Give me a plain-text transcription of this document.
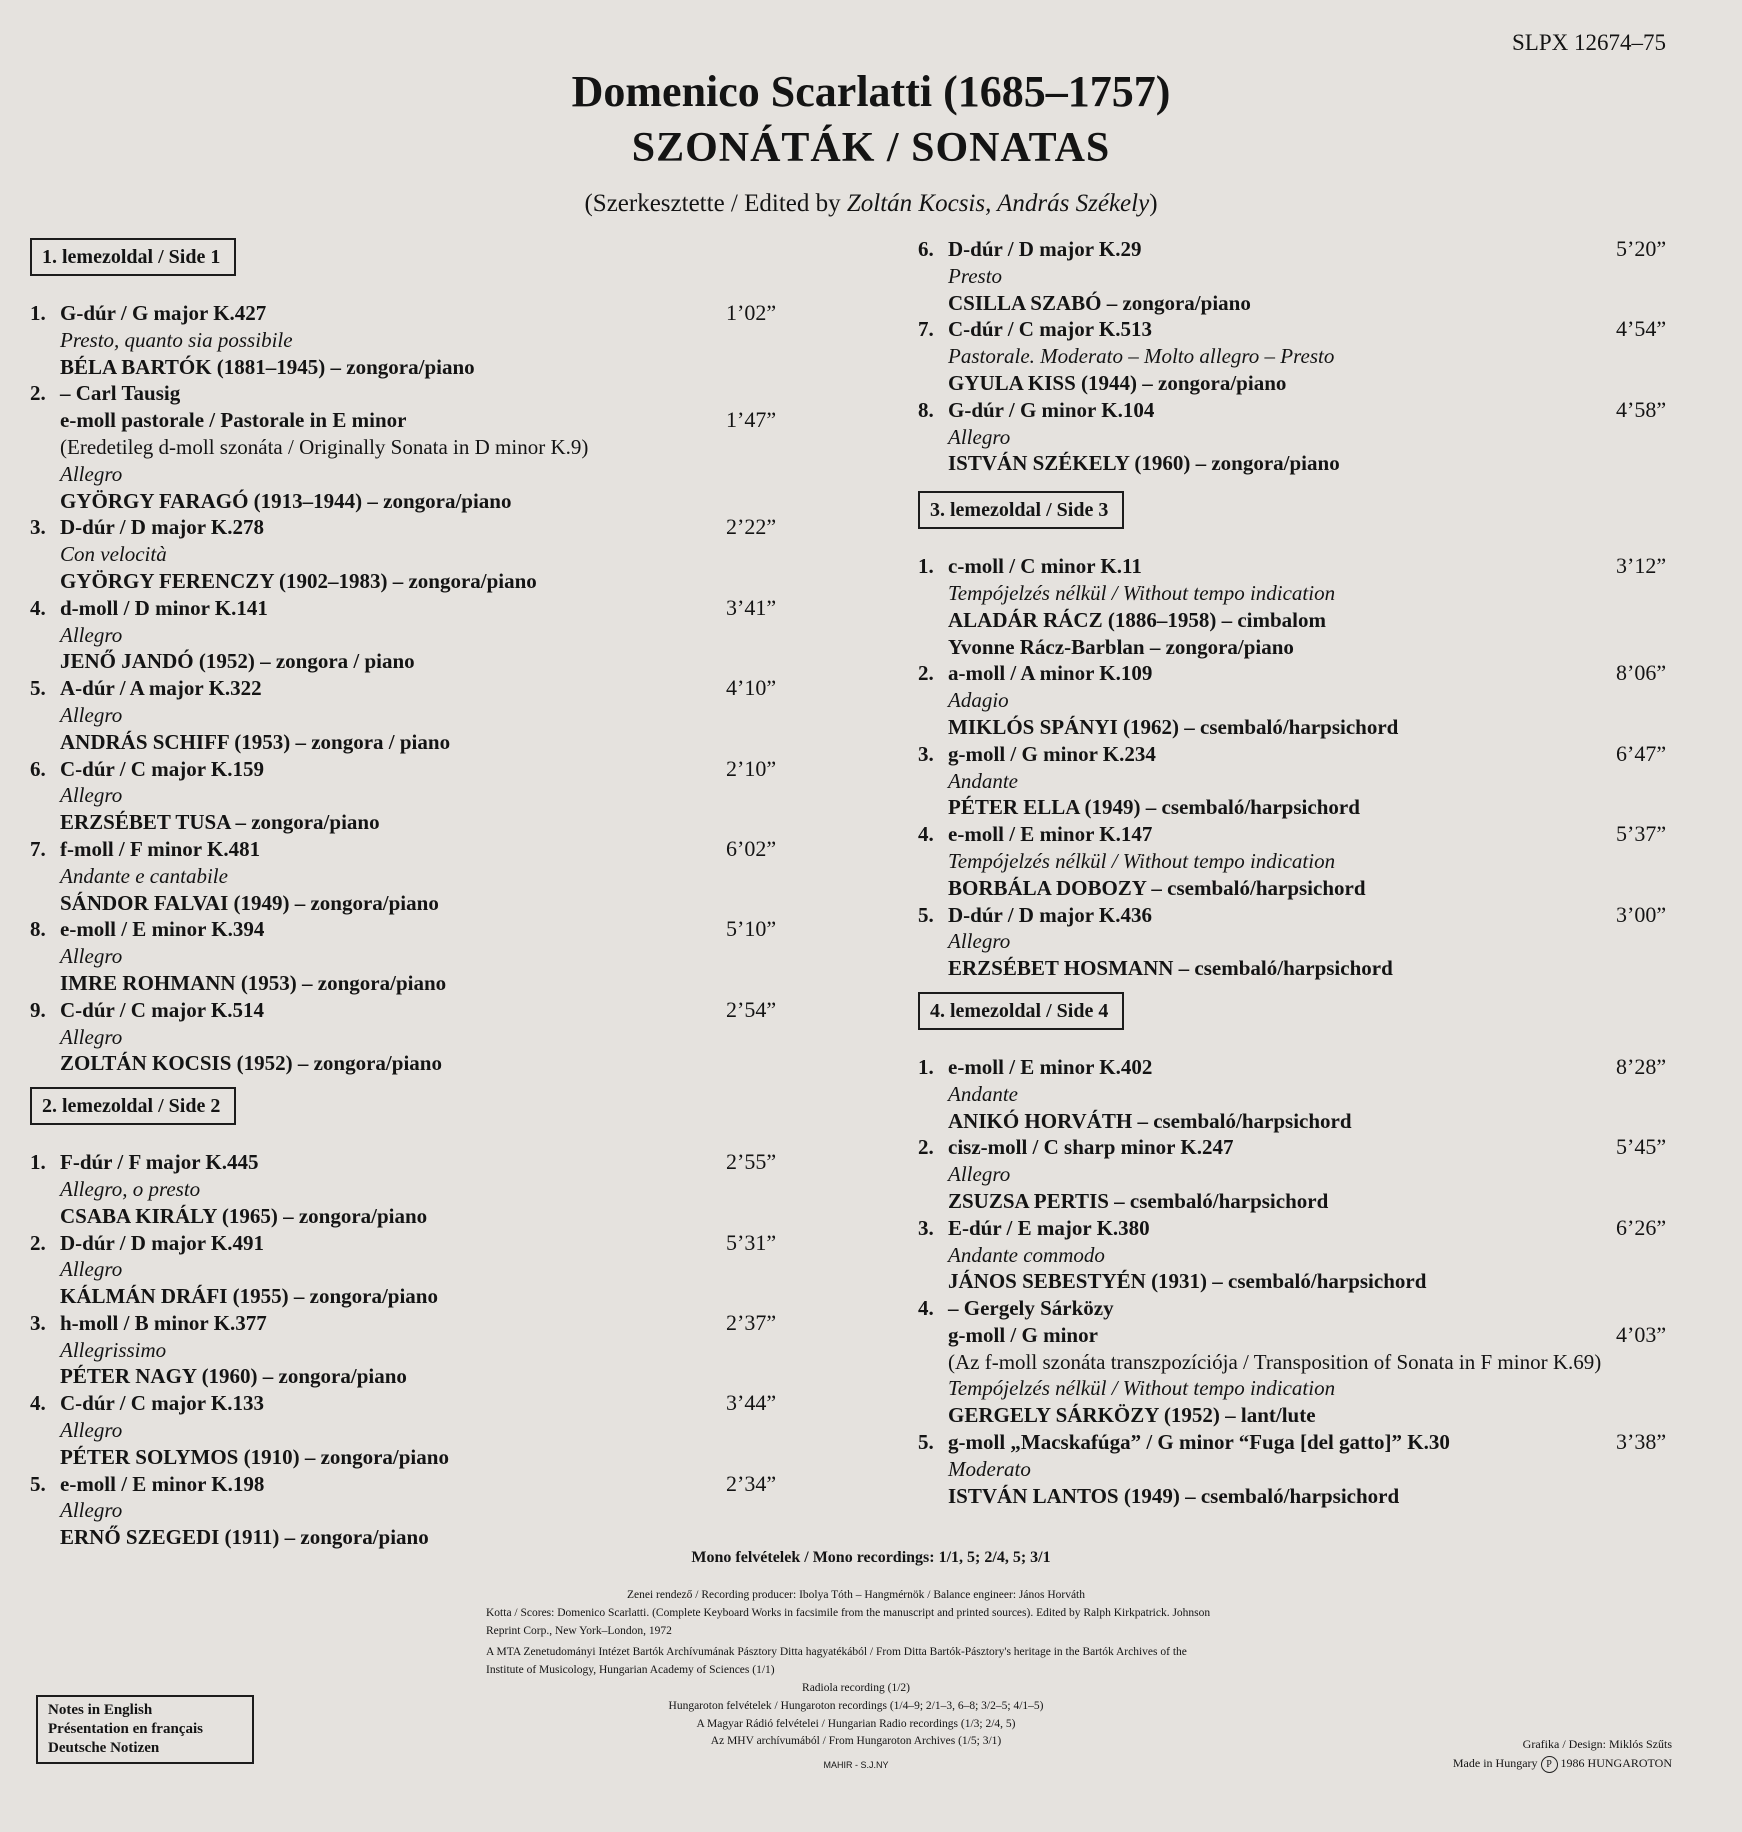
SLPX 12674–75
Domenico Scarlatti (1685–1757)
SZONÁTÁK / SONATAS
(Szerkesztette / Edited by Zoltán Kocsis, András Székely)
1. lemezoldal / Side 1
1. G-dúr / G major K.427	1’02”
Presto, quanto sia possibile
BÉLA BARTÓK (1881–1945) – zongora/piano
2. – Carl Tausig
e-moll pastorale / Pastorale in E minor	1’47”
(Eredetileg d-moll szonáta / Originally Sonata in D minor K.9)
Allegro
GYÖRGY FARAGÓ (1913–1944) – zongora/piano
3. D-dúr / D major K.278	2’22”
Con velocità
GYÖRGY FERENCZY (1902–1983) – zongora/piano
4. d-moll / D minor K.141	3’41”
Allegro
JENŐ JANDÓ (1952) – zongora / piano
5. A-dúr / A major K.322	4’10”
Allegro
ANDRÁS SCHIFF (1953) – zongora / piano
6. C-dúr / C major K.159	2’10”
Allegro
ERZSÉBET TUSA – zongora/piano
7. f-moll / F minor K.481	6’02”
Andante e cantabile
SÁNDOR FALVAI (1949) – zongora/piano
8. e-moll / E minor K.394	5’10”
Allegro
IMRE ROHMANN (1953) – zongora/piano
9. C-dúr / C major K.514	2’54”
Allegro
ZOLTÁN KOCSIS (1952) – zongora/piano
2. lemezoldal / Side 2
1. F-dúr / F major K.445	2’55”
Allegro, o presto
CSABA KIRÁLY (1965) – zongora/piano
2. D-dúr / D major K.491	5’31”
Allegro
KÁLMÁN DRÁFI (1955) – zongora/piano
3. h-moll / B minor K.377	2’37”
Allegrissimo
PÉTER NAGY (1960) – zongora/piano
4. C-dúr / C major K.133	3’44”
Allegro
PÉTER SOLYMOS (1910) – zongora/piano
5. e-moll / E minor K.198	2’34”
Allegro
ERNŐ SZEGEDI (1911) – zongora/piano
6. D-dúr / D major K.29	5’20”
Presto
CSILLA SZABÓ – zongora/piano
7. C-dúr / C major K.513	4’54”
Pastorale. Moderato – Molto allegro – Presto
GYULA KISS (1944) – zongora/piano
8. G-dúr / G minor K.104	4’58”
Allegro
ISTVÁN SZÉKELY (1960) – zongora/piano
3. lemezoldal / Side 3
1. c-moll / C minor K.11	3’12”
Tempójelzés nélkül / Without tempo indication
ALADÁR RÁCZ (1886–1958) – cimbalom
Yvonne Rácz-Barblan – zongora/piano
2. a-moll / A minor K.109	8’06”
Adagio
MIKLÓS SPÁNYI (1962) – csembaló/harpsichord
3. g-moll / G minor K.234	6’47”
Andante
PÉTER ELLA (1949) – csembaló/harpsichord
4. e-moll / E minor K.147	5’37”
Tempójelzés nélkül / Without tempo indication
BORBÁLA DOBOZY – csembaló/harpsichord
5. D-dúr / D major K.436	3’00”
Allegro
ERZSÉBET HOSMANN – csembaló/harpsichord
4. lemezoldal / Side 4
1. e-moll / E minor K.402	8’28”
Andante
ANIKÓ HORVÁTH – csembaló/harpsichord
2. cisz-moll / C sharp minor K.247	5’45”
Allegro
ZSUZSA PERTIS – csembaló/harpsichord
3. E-dúr / E major K.380	6’26”
Andante commodo
JÁNOS SEBESTYÉN (1931) – csembaló/harpsichord
4. – Gergely Sárközy
g-moll / G minor	4’03”
(Az f-moll szonáta transzpozíciója / Transposition of Sonata in F minor K.69)
Tempójelzés nélkül / Without tempo indication
GERGELY SÁRKÖZY (1952) – lant/lute
5. g-moll „Macskafúga” / G minor “Fuga [del gatto]” K.30	3’38”
Moderato
ISTVÁN LANTOS (1949) – csembaló/harpsichord
Mono felvételek / Mono recordings: 1/1, 5; 2/4, 5; 3/1
Zenei rendező / Recording producer: Ibolya Tóth – Hangmérnök / Balance engineer: János Horváth
Kotta / Scores: Domenico Scarlatti. (Complete Keyboard Works in facsimile from the manuscript and printed sources). Edited by Ralph Kirkpatrick. Johnson Reprint Corp., New York–London, 1972
A MTA Zenetudományi Intézet Bartók Archívumának Pásztory Ditta hagyatékából / From Ditta Bartók-Pásztory's heritage in the Bartók Archives of the Institute of Musicology, Hungarian Academy of Sciences (1/1)
Radiola recording (1/2)
Hungaroton felvételek / Hungaroton recordings (1/4–9; 2/1–3, 6–8; 3/2–5; 4/1–5)
A Magyar Rádió felvételei / Hungarian Radio recordings (1/3; 2/4, 5)
Az MHV archívumából / From Hungaroton Archives (1/5; 3/1)
MAHIR - S.J.NY
Notes in English
Présentation en français
Deutsche Notizen	Grafika / Design: Miklós Szűts
Made in Hungary P 1986 HUNGAROTON
